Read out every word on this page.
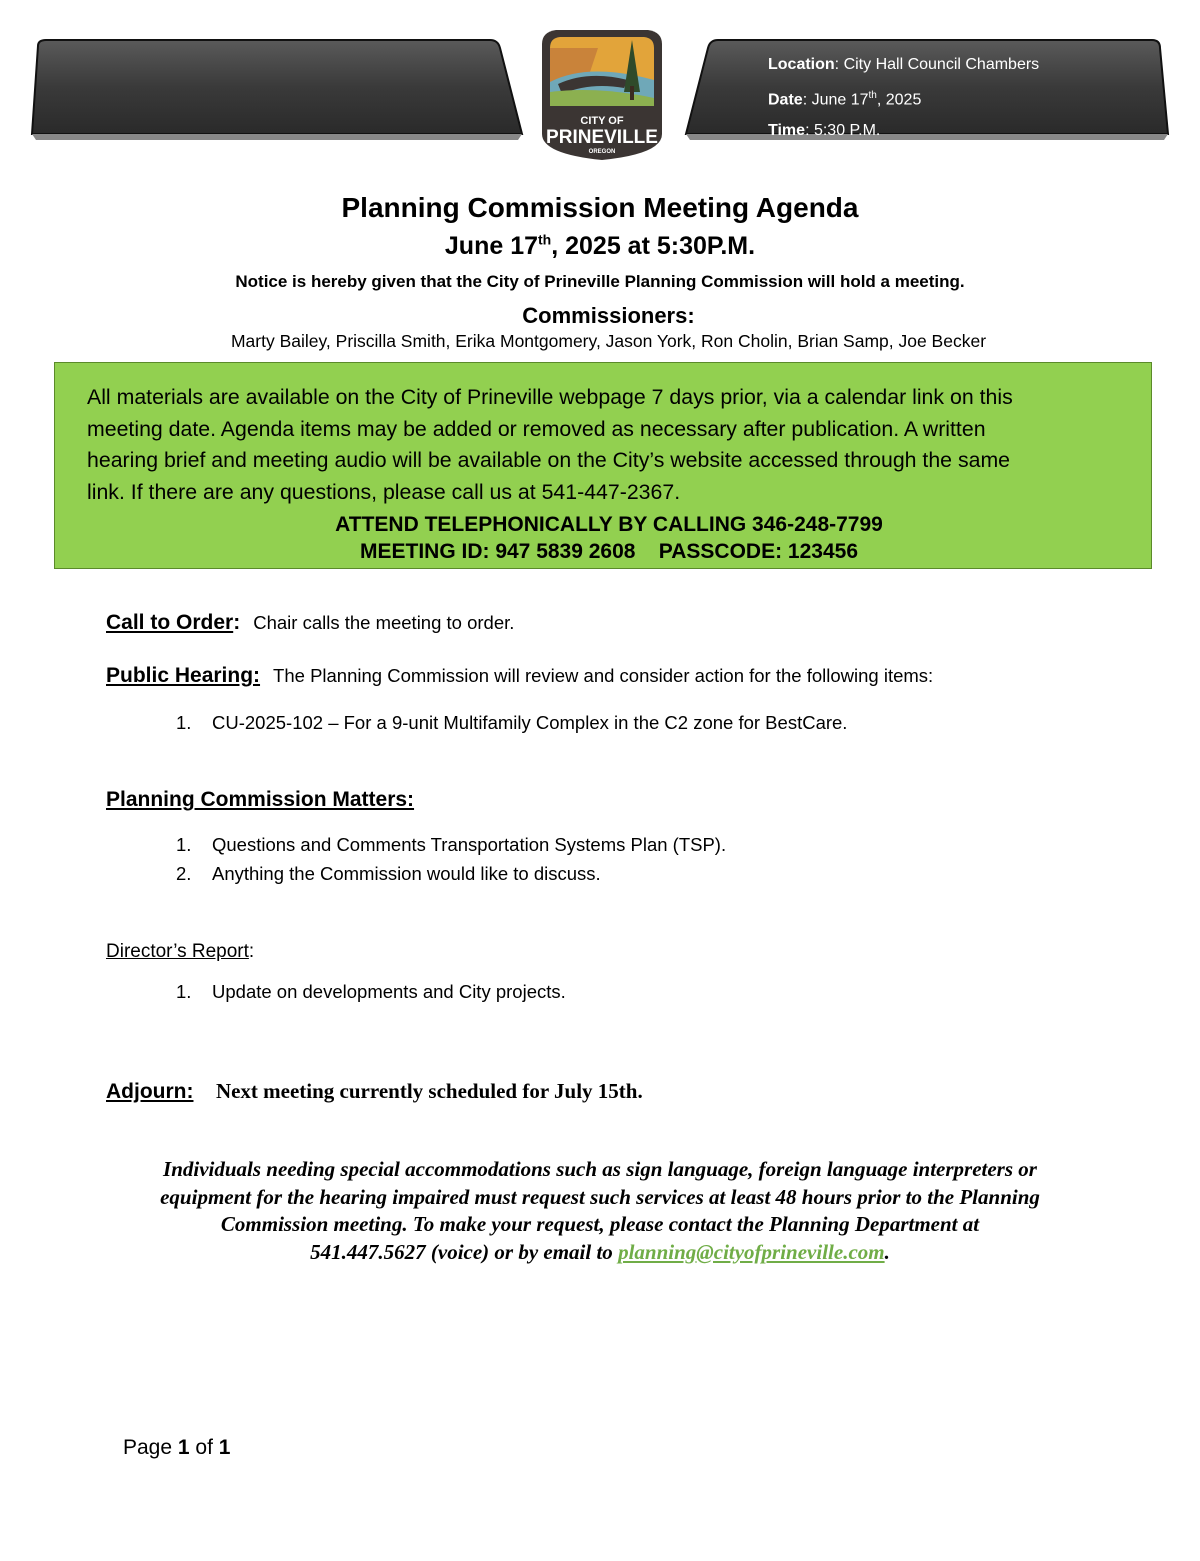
Location: City Hall Council Chambers
Date: June 17th, 2025
Time: 5:30 P.M.
CITY OF
PRINEVILLE
OREGON
Planning Commission Meeting Agenda
June 17th, 2025 at 5:30P.M.
Notice is hereby given that the City of Prineville Planning Commission will hold a meeting.
Commissioners:
Marty Bailey, Priscilla Smith, Erika Montgomery, Jason York, Ron Cholin, Brian Samp, Joe Becker
All materials are available on the City of Prineville webpage 7 days prior, via a calendar link on this
meeting date. Agenda items may be added or removed as necessary after publication. A written
hearing brief and meeting audio will be available on the City’s website accessed through the same
link. If there are any questions, please call us at 541-447-2367.
ATTEND TELEPHONICALLY BY CALLING 346-248-7799
MEETING ID: 947 5839 2608    PASSCODE: 123456
Call to Order: Chair calls the meeting to order.
Public Hearing: The Planning Commission will review and consider action for the following items:
1. CU-2025-102 – For a 9-unit Multifamily Complex in the C2 zone for BestCare.
Planning Commission Matters:
1. Questions and Comments Transportation Systems Plan (TSP).
2. Anything the Commission would like to discuss.
Director’s Report:
1. Update on developments and City projects.
Adjourn: Next meeting currently scheduled for July 15th.
Individuals needing special accommodations such as sign language, foreign language interpreters or
equipment for the hearing impaired must request such services at least 48 hours prior to the Planning
Commission meeting. To make your request, please contact the Planning Department at
541.447.5627 (voice) or by email to planning@cityofprineville.com.
Page 1 of 1
